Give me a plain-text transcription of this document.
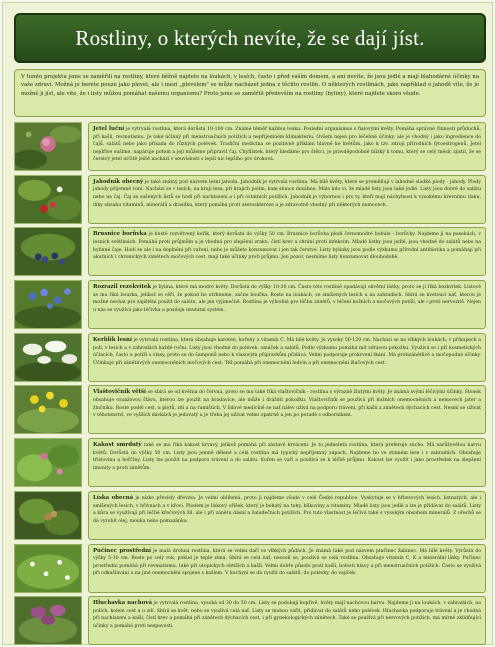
Rostliny, o kterých nevíte, že se dají jíst.
V tomto projektu jsme se zaměřili na rostliny, které běžně najdete na loukách, v lesích, často i před vaším domem, a ani nevíte, že jsou jedlé a mají blahodárné účinky na vaše zdraví. Možná je berete pouze jako plevel, ale i mezi „plevelem" se může nacházet jedna z těchto rostlin. O některých rostlinách, jako například o jahodě víte, že je možné ji jíst, ale víte, že i listy můžou pomáhat našemu organismu? Proto jsme se zaměřili především na rostliny (byliny), které najdete skoro všude.
Jetel luční je vytrvalá rostlina, která dorůstá 10-100 cm. Známé téměř každou louku. Poslední organismus s fialovými květy. Pomáhá správné činnosti průduchů, při kašli, revmatismu. Je také účinný při menstruačních potížích a nepříjemném klimakteriu. Ovšem nejen pro léčebné účinky, ale je vhodný i jako ingredience do čajů, salátů nebo jako přísada do různých polévek. Tradiční medicína se pozitivně přiklání hlavně ke květům, jako k tzv. zdroji přírodních fytoestrogenů. Jetel nejdříve sušíme, napáruje potom a její můžeme připravit čaj. Chyflístek, který hledáme pro štětci, je pravděpodobně blízký k tomu, který se celý měsíc zjistil, že se čerstvý jetel určitě ještě nachází v souvislosti s lepší nic lepšího pro úroková.
Jahodník obecný je také známý pod názvem lesní jahoda. Jahodník je vytrvalá rostlina. Má bílé květy, které se proměňují v lahodné sladké plody - jahody. Plody jahody příjemně voní. Nachází se v lesích, na kraji lesa, při krajích polím, kam slunce dosáhne. Málo kdo ví, že mladé listy jsou také jedlé. Listy jsou dobré do salátu nebo na čaj. Čaj ze sušených listů se hodí při nachlazení a i při ostatních potížích. Jahodník je výbornou i pro ty, kteří mají náchylnost k vysokému krevnímu tlaku, díky obsahu vitamínů, minerálů a draslíku, který pomáhá proti ateroskleróze a je zdravotně vhodný při některých nemocech.
Brusnice borůvka je hustě rozvětvený keřík, který dorůstá do výšky 50 cm. Brusnice borůvka plodí černomodré bobule - borůvky. Najdeme ji na pasekách, v lesních světlinách. Pomáhá proti průjmům a je vhodná pro zlepšení zraku, čistí krev a chrání proti infekcím. Mladé lístky jsou jedlé, jsou vhodné do salátů nebo na bylinné čaje. Hodí se ale i na doplnění při vaření, nebo je můžete konzumovat i jen tak čerstvé. Listy bylinky jsou podle výzkumu přírodní antibiotika a pomáhají při akutních i chronických zánětech močových cest, mají také účinky proti průjmu. Jen pozor, nesmíme listy konzumovat dlouhodobě.
Rozrazil rezekvítek je bylina, které má modré květy. Dorůstá do výšky 10-30 cm. Často této rostlině opadávají okvětní lístky, proto se jí říká bezkvítek. Listově se mu říká bourka, jelikož se věří, že pokud ho utrhneme, začne bouřka. Roste na loukách, ve smíšených lesích a na zahradách. Sbírá se kvetoucí nať, kterou je možné nechat pro zajištění použít do salátu, ale jen výjimečně. Rostlina je výhodná pro léčbu zánětů, v léčení kožních a močových potíží, ale i proti nervozitě. Nejen u nás se využívá jako léčivka a posiluje imunitní systém.
Kerblík lesní je vytrvalá rostlina, která obsahuje karoten, kořeny a vitamín C. Má bílé květy. Je vysoký 50-120 cm. Nachází se na vlhkých loukách, v příkopech a polí, v lesích a v zahradách každé roční. Listy jsou vhodné do polévek, omáček a salátů. Podle výzkumu pomáhá mít zdravou pokožku. Využívá se i při kosmetických účincích, často u potíží s vlasy, proto se do šamponů nebo k vlasovým přípravkům přidává. Velmi podporuje prokrvení tkání. Má protizánětlivé a močopudné účinky. Účinkuje při zánětlivých onemocněních močových cest. Též pomáhá při onemocnění ledvin a při onemocnění žlučových cest.
Vlaštovičník větší se sbírá se od května do června, proto se mu také říká vlaštovičník - rostlina s výrazně žlutými květy. Je známá svými léčivými účinky. Stonek obsahuje oranžovou šťávu, kterou lze použít na bradavice, ale může i dráždit pokožku. Vlaštovičník se používá při kožních onemocněních a nemocech jater a žlučníku. Roste podél cest, u plotů, zdí a na rumištích. V lidové medicíně se nať nálev užívá na podporu trávení, při kašli a zánětech dýchacích cest. Nesmí se užívat v těhotenství, ve vyšších dávkách je jedovatý a je třeba jej užívat velmi opatrně a jen po poradě s odborníkem.
Kakost smrdutý také se mu říká kakost krvavý, jelikož pomáhá při zástavě krvácení. Je to jednoletá rostlina, která preferuje sucho. Má narůžovělou barvu květů. Dorůstá do výšky 50 cm. Listy jsou jemně dělené a celá rostlina má typický nepříjemný zápach. Najdeme ho ve stinném lese i v zahradách. Obsahuje tříslovinu a hořčiny. Listy lze použít na podporu trávení a do salátu. Kořen se vaří a používá se k léčbě průjmu. Kakost lze využít i jako prostředek na zlepšení imunity a proti zánětům.
Líska obecná je nízko převisly dřevina. Je velmi oblíbená, proto ji najdeme všude v celé České republice. Vyskytuje se v hřbetových lesích, listnatých, ale i smíšených lesích, v hřivnách a v křoví. Plodem je lískový oříšek, který je bohatý na tuky, bílkoviny a vitamíny. Mladé listy jsou jedlé a lze je přidávat do salátů. Listy a kůra se využívají při léčbě křečových žil, ale i při zánětu dásní a žaludečních potížích. Pro tuto vlastnost je léčivá také s vysokým obsahem minerálů. Z ořechů se dá vyrobit olej, mouka nebo pomazánka.
Pučinec prostřední je malá drobná rostlina, která se velmi daří ve vlhkých půdách. Je známá také pod názvem ptačinec žabinec. Má bílé květy. Vyrůstá do výšky 5-30 cm. Roste po celý rok, pokud je teplé zima. Sbírá se celá nať, neosolí se, používá se celá rostlina. Obsahuje vitamín C, K a minerální látky. Pučinec prostřední pomáhá při revmatismu, také při utopických obtížích a kašli. Velmi dobře působí proti kašli, bolesti hlavy a při menstruačních potížích. Často se využívá při odkašlávání a na jiné onemocnění spojené s kašlem. V kuchyni se dá využít do salátů, do polévky, do vajíček.
Hluchavka nachová je vytrvalá rostlina, vysoká od 30 do 50 cm. Listy se podobají kopřivě, květy mají nachovou barvu. Najdeme ji na loukách, v zahradách, na polích, kolem cest a u zdí. Sbírá se květ, nebo se využívá celá nať. Listy se mohou vařit, přidávat do salátů nebo polévek. Hluchavka podporuje trávení a je vhodná při nachlazení a kašli, čistí krev a pomáhá při zánětech dýchacích cest, i při gynekologických zánětech. Také se používá při nervových potížích, má mírné zklidňující účinky a pomáhá proti nespavosti.
